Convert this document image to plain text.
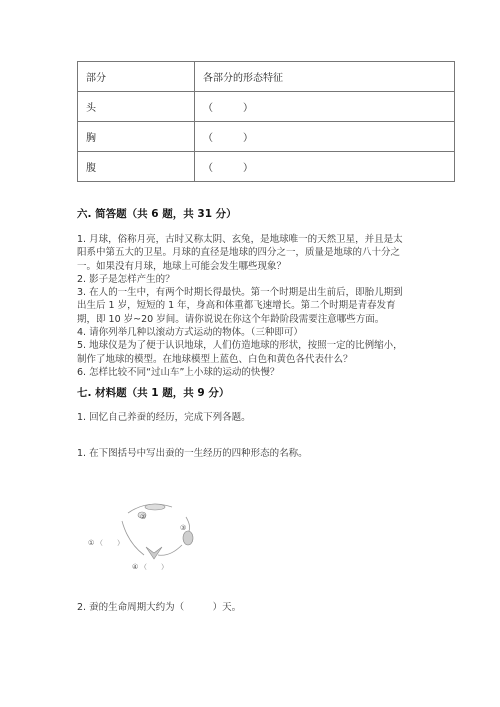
部分	各部分的形态特征
头	（　　　）
胸	（　　　）
腹	（　　　）
六. 简答题（共 6 题，共 31 分）

1. 月球，俗称月亮，古时又称太阴、玄兔，是地球唯一的天然卫星，并且是太

阳系中第五大的卫星。月球的直径是地球的四分之一，质量是地球的八十分之

一。如果没有月球，地球上可能会发生哪些现象？

2. 影子是怎样产生的？

3. 在人的一生中，有两个时期长得最快。第一个时期是出生前后，即胎儿期到

出生后 1 岁，短短的 1 年，身高和体重都飞速增长。第二个时期是青春发育

期，即 10 岁~20 岁间。请你说说在你这个年龄阶段需要注意哪些方面。

4. 请你列举几种以滚动方式运动的物体。（三种即可）

5. 地球仪是为了便于认识地球，人们仿造地球的形状，按照一定的比例缩小，

制作了地球的模型。在地球模型上蓝色、白色和黄色各代表什么？

6. 怎样比较不同“过山车”上小球的运动的快慢？

七. 材料题（共 1 题，共 9 分）
1. 回忆自己养蚕的经历，完成下列各题。
1. 在下图括号中写出蚕的一生经历的四种形态的名称。
②
③
①
④
（　　）
（　　）
2. 蚕的生命周期大约为（　　　）天。
